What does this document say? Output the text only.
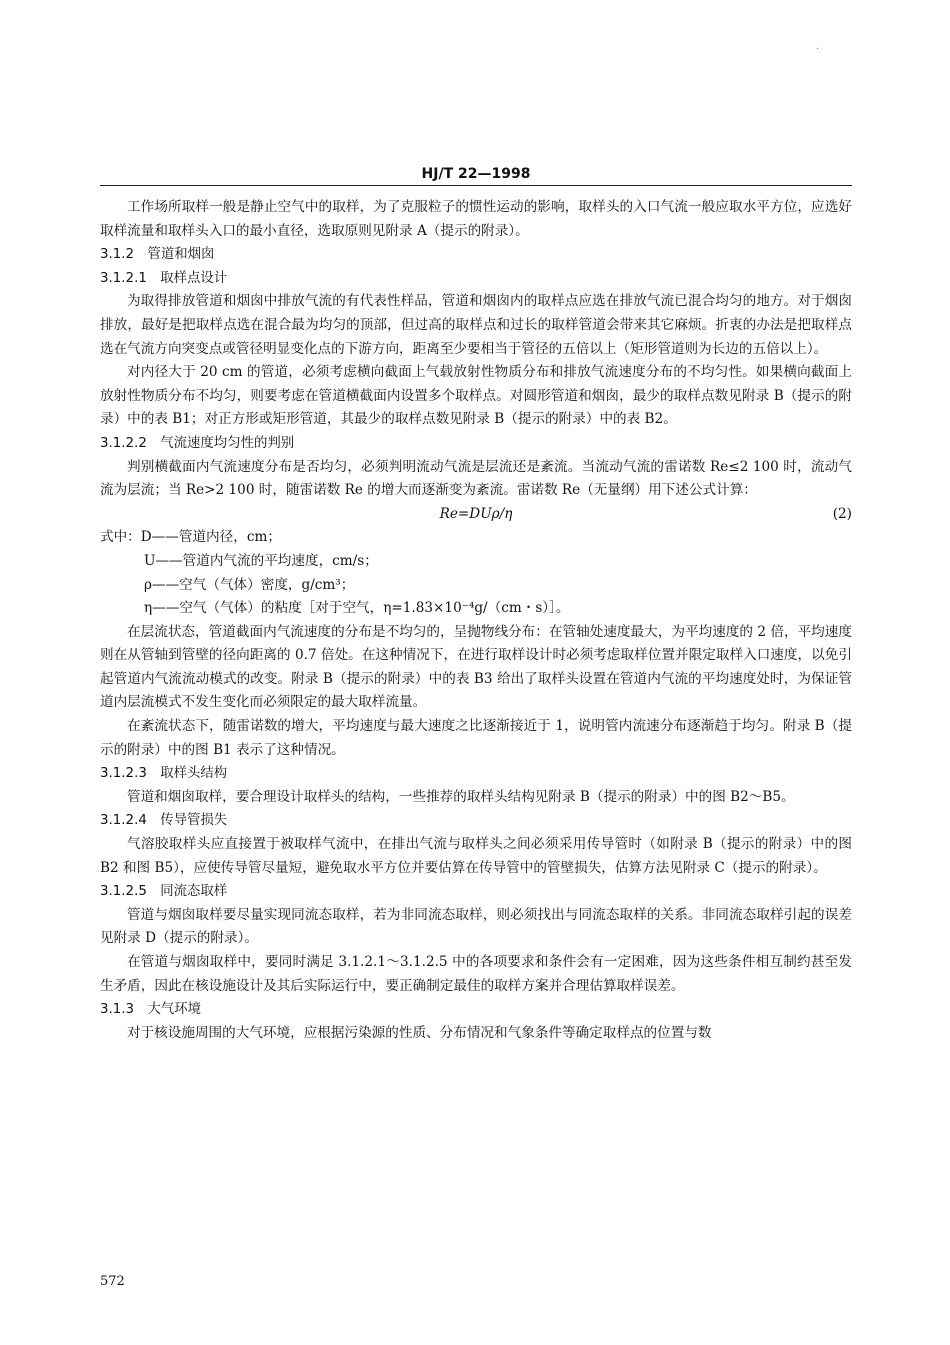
HJ/T 22—1998

工作场所取样一般是静止空气中的取样，为了克服粒子的惯性运动的影响，取样头的入口气流一般应取水平方位，应选好取样流量和取样头入口的最小直径，选取原则见附录 A（提示的附录）。

3.1.2　管道和烟囱

3.1.2.1　取样点设计

为取得排放管道和烟囱中排放气流的有代表性样品，管道和烟囱内的取样点应选在排放气流已混合均匀的地方。对于烟囱排放，最好是把取样点选在混合最为均匀的顶部，但过高的取样点和过长的取样管道会带来其它麻烦。折衷的办法是把取样点选在气流方向突变点或管径明显变化点的下游方向，距离至少要相当于管径的五倍以上（矩形管道则为长边的五倍以上）。

对内径大于 20 cm 的管道，必须考虑横向截面上气载放射性物质分布和排放气流速度分布的不均匀性。如果横向截面上放射性物质分布不均匀，则要考虑在管道横截面内设置多个取样点。对圆形管道和烟囱，最少的取样点数见附录 B（提示的附录）中的表 B1；对正方形或矩形管道，其最少的取样点数见附录 B（提示的附录）中的表 B2。

3.1.2.2　气流速度均匀性的判别

判别横截面内气流速度分布是否均匀，必须判明流动气流是层流还是紊流。当流动气流的雷诺数 Re≤2 100 时，流动气流为层流；当 Re>2 100 时，随雷诺数 Re 的增大而逐渐变为紊流。雷诺数 Re（无量纲）用下述公式计算：

Re=DUρ/η	(2)

式中：D——管道内径，cm；

U——管道内气流的平均速度，cm/s；

ρ——空气（气体）密度，g/cm³；

η——空气（气体）的粘度［对于空气，η=1.83×10⁻⁴g/（cm・s）］。

在层流状态，管道截面内气流速度的分布是不均匀的，呈抛物线分布：在管轴处速度最大，为平均速度的 2 倍，平均速度则在从管轴到管壁的径向距离的 0.7 倍处。在这种情况下，在进行取样设计时必须考虑取样位置并限定取样入口速度，以免引起管道内气流流动模式的改变。附录 B（提示的附录）中的表 B3 给出了取样头设置在管道内气流的平均速度处时，为保证管道内层流模式不发生变化而必须限定的最大取样流量。

在紊流状态下，随雷诺数的增大，平均速度与最大速度之比逐渐接近于 1，说明管内流速分布逐渐趋于均匀。附录 B（提示的附录）中的图 B1 表示了这种情况。

3.1.2.3　取样头结构

管道和烟囱取样，要合理设计取样头的结构，一些推荐的取样头结构见附录 B（提示的附录）中的图 B2～B5。

3.1.2.4　传导管损失

气溶胶取样头应直接置于被取样气流中，在排出气流与取样头之间必须采用传导管时（如附录 B（提示的附录）中的图 B2 和图 B5），应使传导管尽量短，避免取水平方位并要估算在传导管中的管壁损失，估算方法见附录 C（提示的附录）。

3.1.2.5　同流态取样

管道与烟囱取样要尽量实现同流态取样，若为非同流态取样，则必须找出与同流态取样的关系。非同流态取样引起的误差见附录 D（提示的附录）。

在管道与烟囱取样中，要同时满足 3.1.2.1～3.1.2.5 中的各项要求和条件会有一定困难，因为这些条件相互制约甚至发生矛盾，因此在核设施设计及其后实际运行中，要正确制定最佳的取样方案并合理估算取样误差。

3.1.3　大气环境

对于核设施周围的大气环境，应根据污染源的性质、分布情况和气象条件等确定取样点的位置与数

572
·
